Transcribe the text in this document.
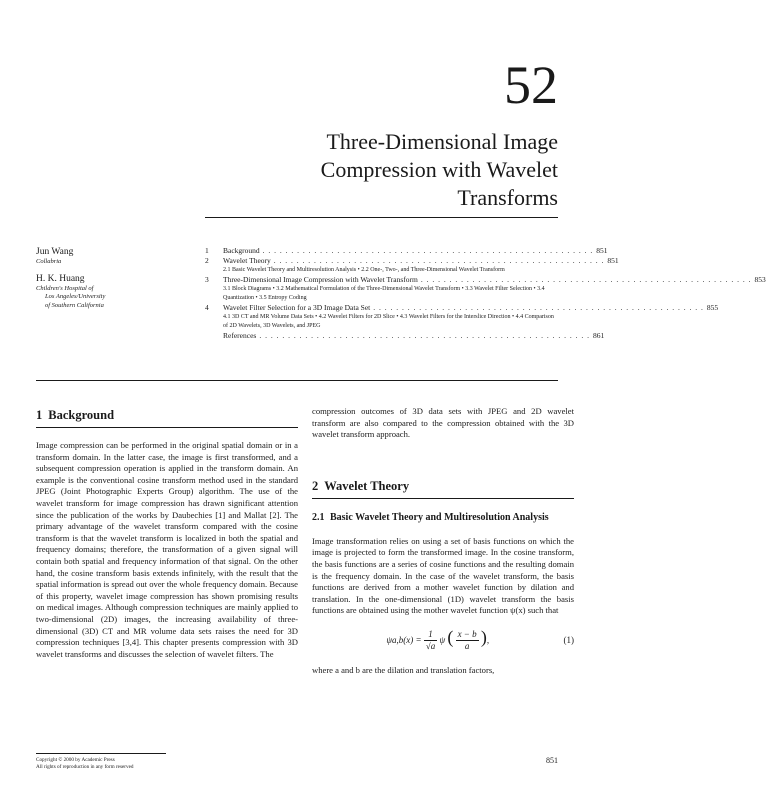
52
Three-Dimensional Image Compression with Wavelet Transforms
Jun Wang
Collabria
H. K. Huang
Children's Hospital of
Los Angeles/University
of Southern California
1	Background . . . . . . . . . . . . . . . . . . . . . . . . . . . . . . . . . . . . . . . . . . . . . . . . . . . . . . . . . . 851
2	Wavelet Theory . . . . . . . . . . . . . . . . . . . . . . . . . . . . . . . . . . . . . . . . . . . . . . . . . . . . . . . . . . 851
2.1 Basic Wavelet Theory and Multiresolution Analysis • 2.2 One-, Two-, and Three-Dimensional Wavelet Transform
3	Three-Dimensional Image Compression with Wavelet Transform . . . . . . . . . . . . . . . . . . . . . . . . . . . . . . . . . . . . . . . . . . . . . . . . . . . . . . . . . . 853
3.1 Block Diagrams • 3.2 Mathematical Formulation of the Three-Dimensional Wavelet Transform • 3.3 Wavelet Filter Selection • 3.4 Quantization • 3.5 Entropy Coding
4	Wavelet Filter Selection for a 3D Image Data Set . . . . . . . . . . . . . . . . . . . . . . . . . . . . . . . . . . . . . . . . . . . . . . . . . . . . . . . . . . 855
4.1 3D CT and MR Volume Data Sets • 4.2 Wavelet Filters for 2D Slice • 4.3 Wavelet Filters for the Interslice Direction • 4.4 Comparison of 2D Wavelets, 3D Wavelets, and JPEG
References . . . . . . . . . . . . . . . . . . . . . . . . . . . . . . . . . . . . . . . . . . . . . . . . . . . . . . . . . . 861
1 Background

Image compression can be performed in the original spatial domain or in a transform domain. In the latter case, the image is first transformed, and a subsequent compression operation is applied in the transform domain. An example is the conventional cosine transform method used in the standard JPEG (Joint Photographic Experts Group) algorithm. The use of the wavelet transform for image compression has drawn significant attention since the publication of the works by Daubechies [1] and Mallat [2]. The primary advantage of the wavelet transform compared with the cosine transform is that the wavelet transform is localized in both the spatial and frequency domains; therefore, the transformation of a given signal will contain both spatial and frequency information of that signal. On the other hand, the cosine transform basis extends infinitely, with the result that the spatial information is spread out over the whole frequency domain. Because of this property, wavelet image compression has shown promising results on medical images. Although compression techniques are mainly applied to two-dimensional (2D) images, the increasing availability of three-dimensional (3D) CT and MR volume data sets raises the need for 3D compression techniques [3,4]. This chapter presents compression with 3D wavelet transforms and discusses the selection of wavelet filters. The

compression outcomes of 3D data sets with JPEG and 2D wavelet transform are also compared to the compression obtained with the 3D wavelet transform approach.

2 Wavelet Theory
2.1 Basic Wavelet Theory and Multiresolution Analysis

Image transformation relies on using a set of basis functions on which the image is projected to form the transformed image. In the cosine transform, the basis functions are a series of cosine functions and the resulting domain is the frequency domain. In the case of the wavelet transform, the basis functions are derived from a mother wavelet function by dilation and translation. In the one-dimensional (1D) wavelet transform the basis functions are obtained using the mother wavelet function ψ(x) such that

$\psi a,b(x) = \frac{1}{√a}$ ψ ( $\frac{x - b}{a}$ ),	(1)

where a and b are the dilation and translation factors,

Copyright © 2000 by Academic Press
All rights of reproduction in any form reserved
851
